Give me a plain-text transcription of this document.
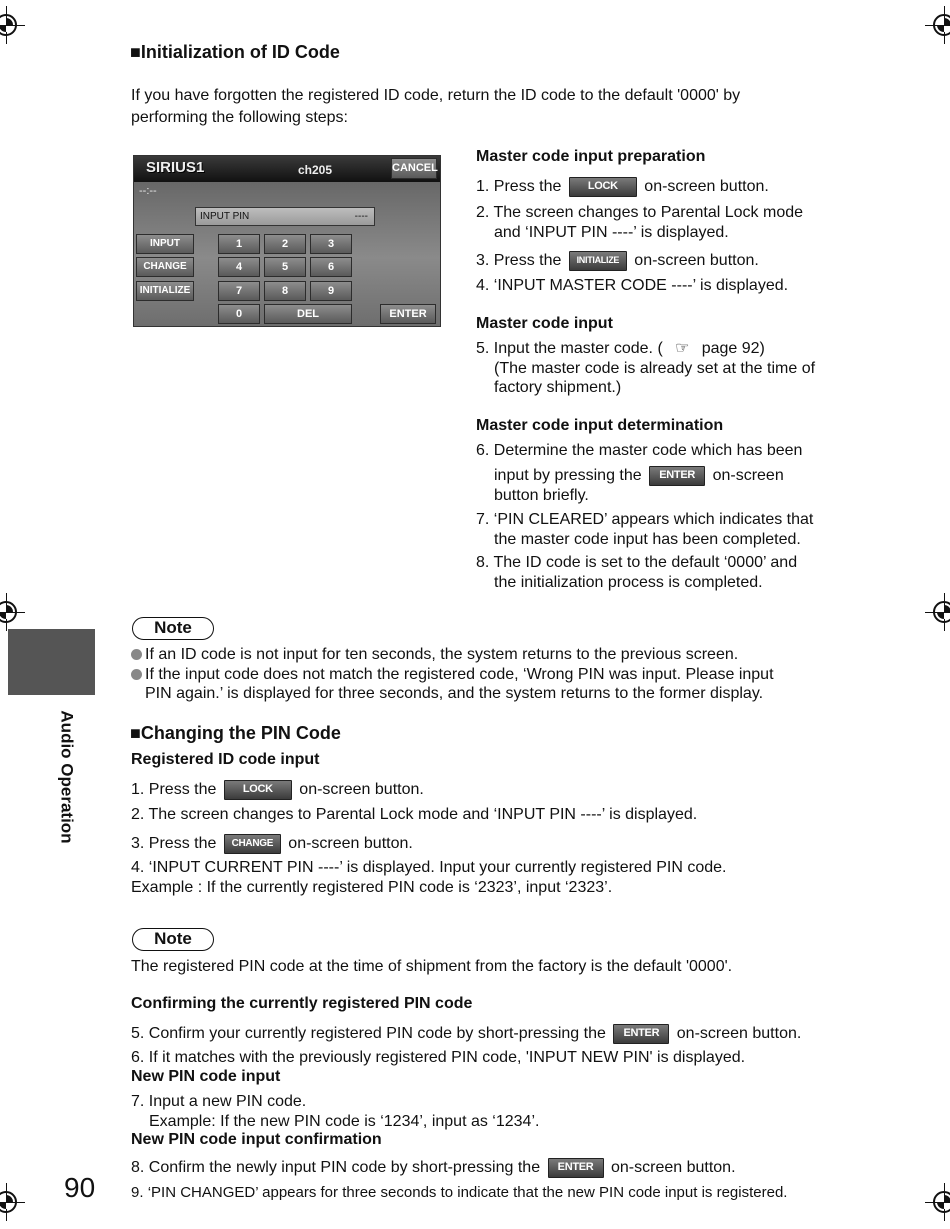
Audio Operation
■Initialization of ID Code
If you have forgotten the registered ID code, return the ID code to the default '0000' by
performing the following steps:
SIRIUS1	ch205	CANCEL
--:--
INPUT PIN	----
INPUT
CHANGE
INITIALIZE
1	2	3
4	5	6
7	8	9
0	DEL	ENTER
Master code input preparation
1. Press the LOCK on-screen button.
2. The screen changes to Parental Lock mode
and ‘INPUT PIN ----’ is displayed.
3. Press the INITIALIZE on-screen button.
4. ‘INPUT MASTER CODE ----’ is displayed.
Master code input
5. Input the master code. ( ☞ page 92)
(The master code is already set at the time of
factory shipment.)
Master code input determination
6. Determine the master code which has been
input by pressing the ENTER on-screen
button briefly.
7. ‘PIN CLEARED’ appears which indicates that
the master code input has been completed.
8. The ID code is set to the default ‘0000’ and
the initialization process is completed.
Note
If an ID code is not input for ten seconds, the system returns to the previous screen.
If the input code does not match the registered code, ‘Wrong PIN was input. Please input
PIN again.’ is displayed for three seconds, and the system returns to the former display.
■Changing the PIN Code
Registered ID code input
1. Press the LOCK on-screen button.
2. The screen changes to Parental Lock mode and ‘INPUT PIN ----’ is displayed.
3. Press the CHANGE on-screen button.
4. ‘INPUT CURRENT PIN ----’ is displayed. Input your currently registered PIN code.
Example : If the currently registered PIN code is ‘2323’, input ‘2323’.
Note
The registered PIN code at the time of shipment from the factory is the default '0000'.
Confirming the currently registered PIN code
5. Confirm your currently registered PIN code by short-pressing the ENTER on-screen button.
6. If it matches with the previously registered PIN code, 'INPUT NEW PIN' is displayed.
New PIN code input
7. Input a new PIN code.
Example: If the new PIN code is ‘1234’, input as ‘1234’.
New PIN code input confirmation
8. Confirm the newly input PIN code by short-pressing the ENTER on-screen button.
9. ‘PIN CHANGED’ appears for three seconds to indicate that the new PIN code input is registered.
90
